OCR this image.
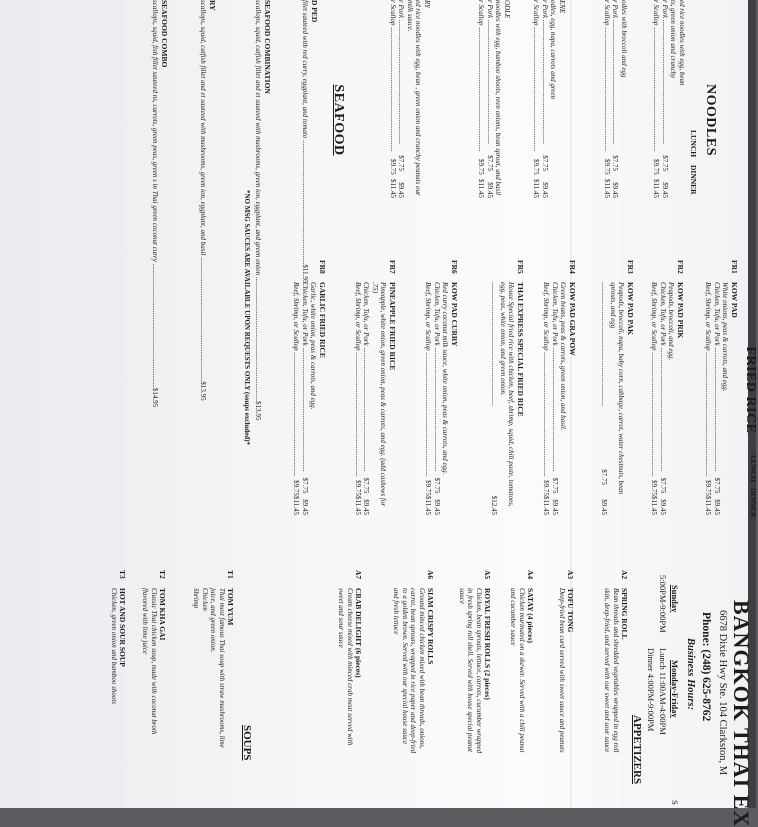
NOODLES
LUNCH
DINNER
ed rice noodles with egg, bean
ts, green onion and crunchy
r Pork .....
$7.75
$9.45
r Scallop .....
$9.75
$11.45
odles with broccoli and egg
r Pork .....
$7.75
$9.45
r Scallop .....
$9.75
$11.45
ENE
odles, egg, napa, carrots and green
r Pork .....
$7.75
$9.45
r Scallop .....
$9.75
$11.45
ODLE
noodles with egg, bamboo shoots, reen onions, bean sprout, and basil
r Pork .....
$7.75
$9.45
r Scallop .....
$9.75
$11.45
RY
ed rice noodles with egg, bean , green onion and crunchy peanuts our milk sauce.
r Pork .....
$7.75
$9.45
r Scallop .....
$9.75
$11.45
SEAFOOD
D PED
filet sauteed with red curry, eggplant, and tomato .....
$11.95
SEAFOOD COMBINATION
scallops, squid, catfish fillet and et sauteed with mushrooms, green ion, eggplant, and green onion .....
$13.95
RY
scallops, squid, catfish fillet and et sauteed with mushrooms, green ion, eggplant, and basil .....
$13.95
SEAFOOD COMBO
scallops, squid, fish fillet sauteed ns, carrots, green peas, green s in Thai green coconut curry .....
$14.95	FRIED RICE
LUNCH
DINNER
FR1
KOW PAD
White onions, peas & carrots, and egg.
Chicken, Tofu, or Pork .....
$7.75
$9.45
Beef, Shrimp, or Scallop .....
$9.75
$11.45
FR2
KOW PAD PRIK
Peapods, broccoli, and egg.
Chicken, Tofu, or Pork .....
$7.75
$9.45
Beef, Shrimp, or Scallop .....
$9.75
$11.45
FR3
KOW PAD PAK
Peapods, broccoli, napa, baby corn, cabbage, carrot, water chestnuts, bean sprouts, and egg
.....
$7.75
$9.45
FR4
KOW PAD GRA POW
Green beans, peas & carrots, green onion, and basil.
Chicken, Tofu, or Pork .....
$7.75
$9.45
Beef, Shrimp, or Scallop .....
$9.75
$11.45
FR5
THAI EXPRESS SPECIAL FRIED RICE
House Special fried rice with chicken, beef, shrimp, squid, chili paste, tomatoes, egg, peas, white onion, and green onion.
.....
$12.45
FR6
KOW PAD CURRY
Red curry coconut milk sauce, white onion, peas & carrots, and egg.
Chicken, Tofu, or Pork .....
$7.75
$9.45
Beef, Shrimp, or Scallop .....
$9.75
$11.45
FR7
PINEAPPLE FRIED RICE
Pineapple, white onion, green onion, peas & carrots, and egg. (add cashews for .75)
Chicken, Tofu, or Pork .....
$7.75
$9.45
Beef, Shrimp, or Scallop .....
$9.75
$11.45
FR8
GARLIC FRIED RICE
Garlic, white onion, peas & carrots, and egg.
Chicken, Tofu, or Pork .....
$7.75
$9.45
Beef, Shrimp, or Scallop .....
$9.75
$11.45
*NO MSG SAUCES ARE AVAILABLE UPON REQUESTS ONLY (soups excluded)*
BANGKOK THAI EX
6678 Dixie Hwy Ste. 104 Clarkston, M
Phone: (248) 625-8762
Business Hours:
Monday-Friday
Lunch 11:00AM-4:00PM
Dinner 4:00PM-9:00PM
Sunday
5:00PM-9:00PM
S
APPETIZERS
A2
SPRING ROLL
Bean threads and shredded vegetables wrapped in egg roll skin, deep-fried, and served with our sweet and sour sauce
A3
TOFU TONG
Deep-fried bean curd served with sweet sauce and peanuts
A4
SATAY (4 pieces)
Chicken marinated on a skewer. Served with a chili peanut and cucumber sauce
A5
ROYAL FRESH ROLLS (2 pieces)
Chicken, bean sprouts, lettuce, carrots, cucumber wrapped in fresh spring roll shell. Served with house special peanut sauce
A6
SIAM CRISPY ROLLS
Ground minced chicken mixed with bean threads, onions, carrot, bean sprouts, wrapped in rice paper and deep-fried to a golden brown. Served with our special house sauce and fresh lettuce
A7
CRAB DELIGHT (6 pieces)
Cream cheese mixed with minced crab meat served with sweet and sour sauce
SOUPS
T1
TOM YUM
Thai most famous Thai soup with straw mushrooms, lime juice, and green onion.
Chicken
Shrimp
T2
TOM KHA GAI
Classic Thai chicken soup, made with coconut broth flavored with lime juice
T3
HOT AND SOUR SOUP
Chicken, green onion and bamboo shoots
